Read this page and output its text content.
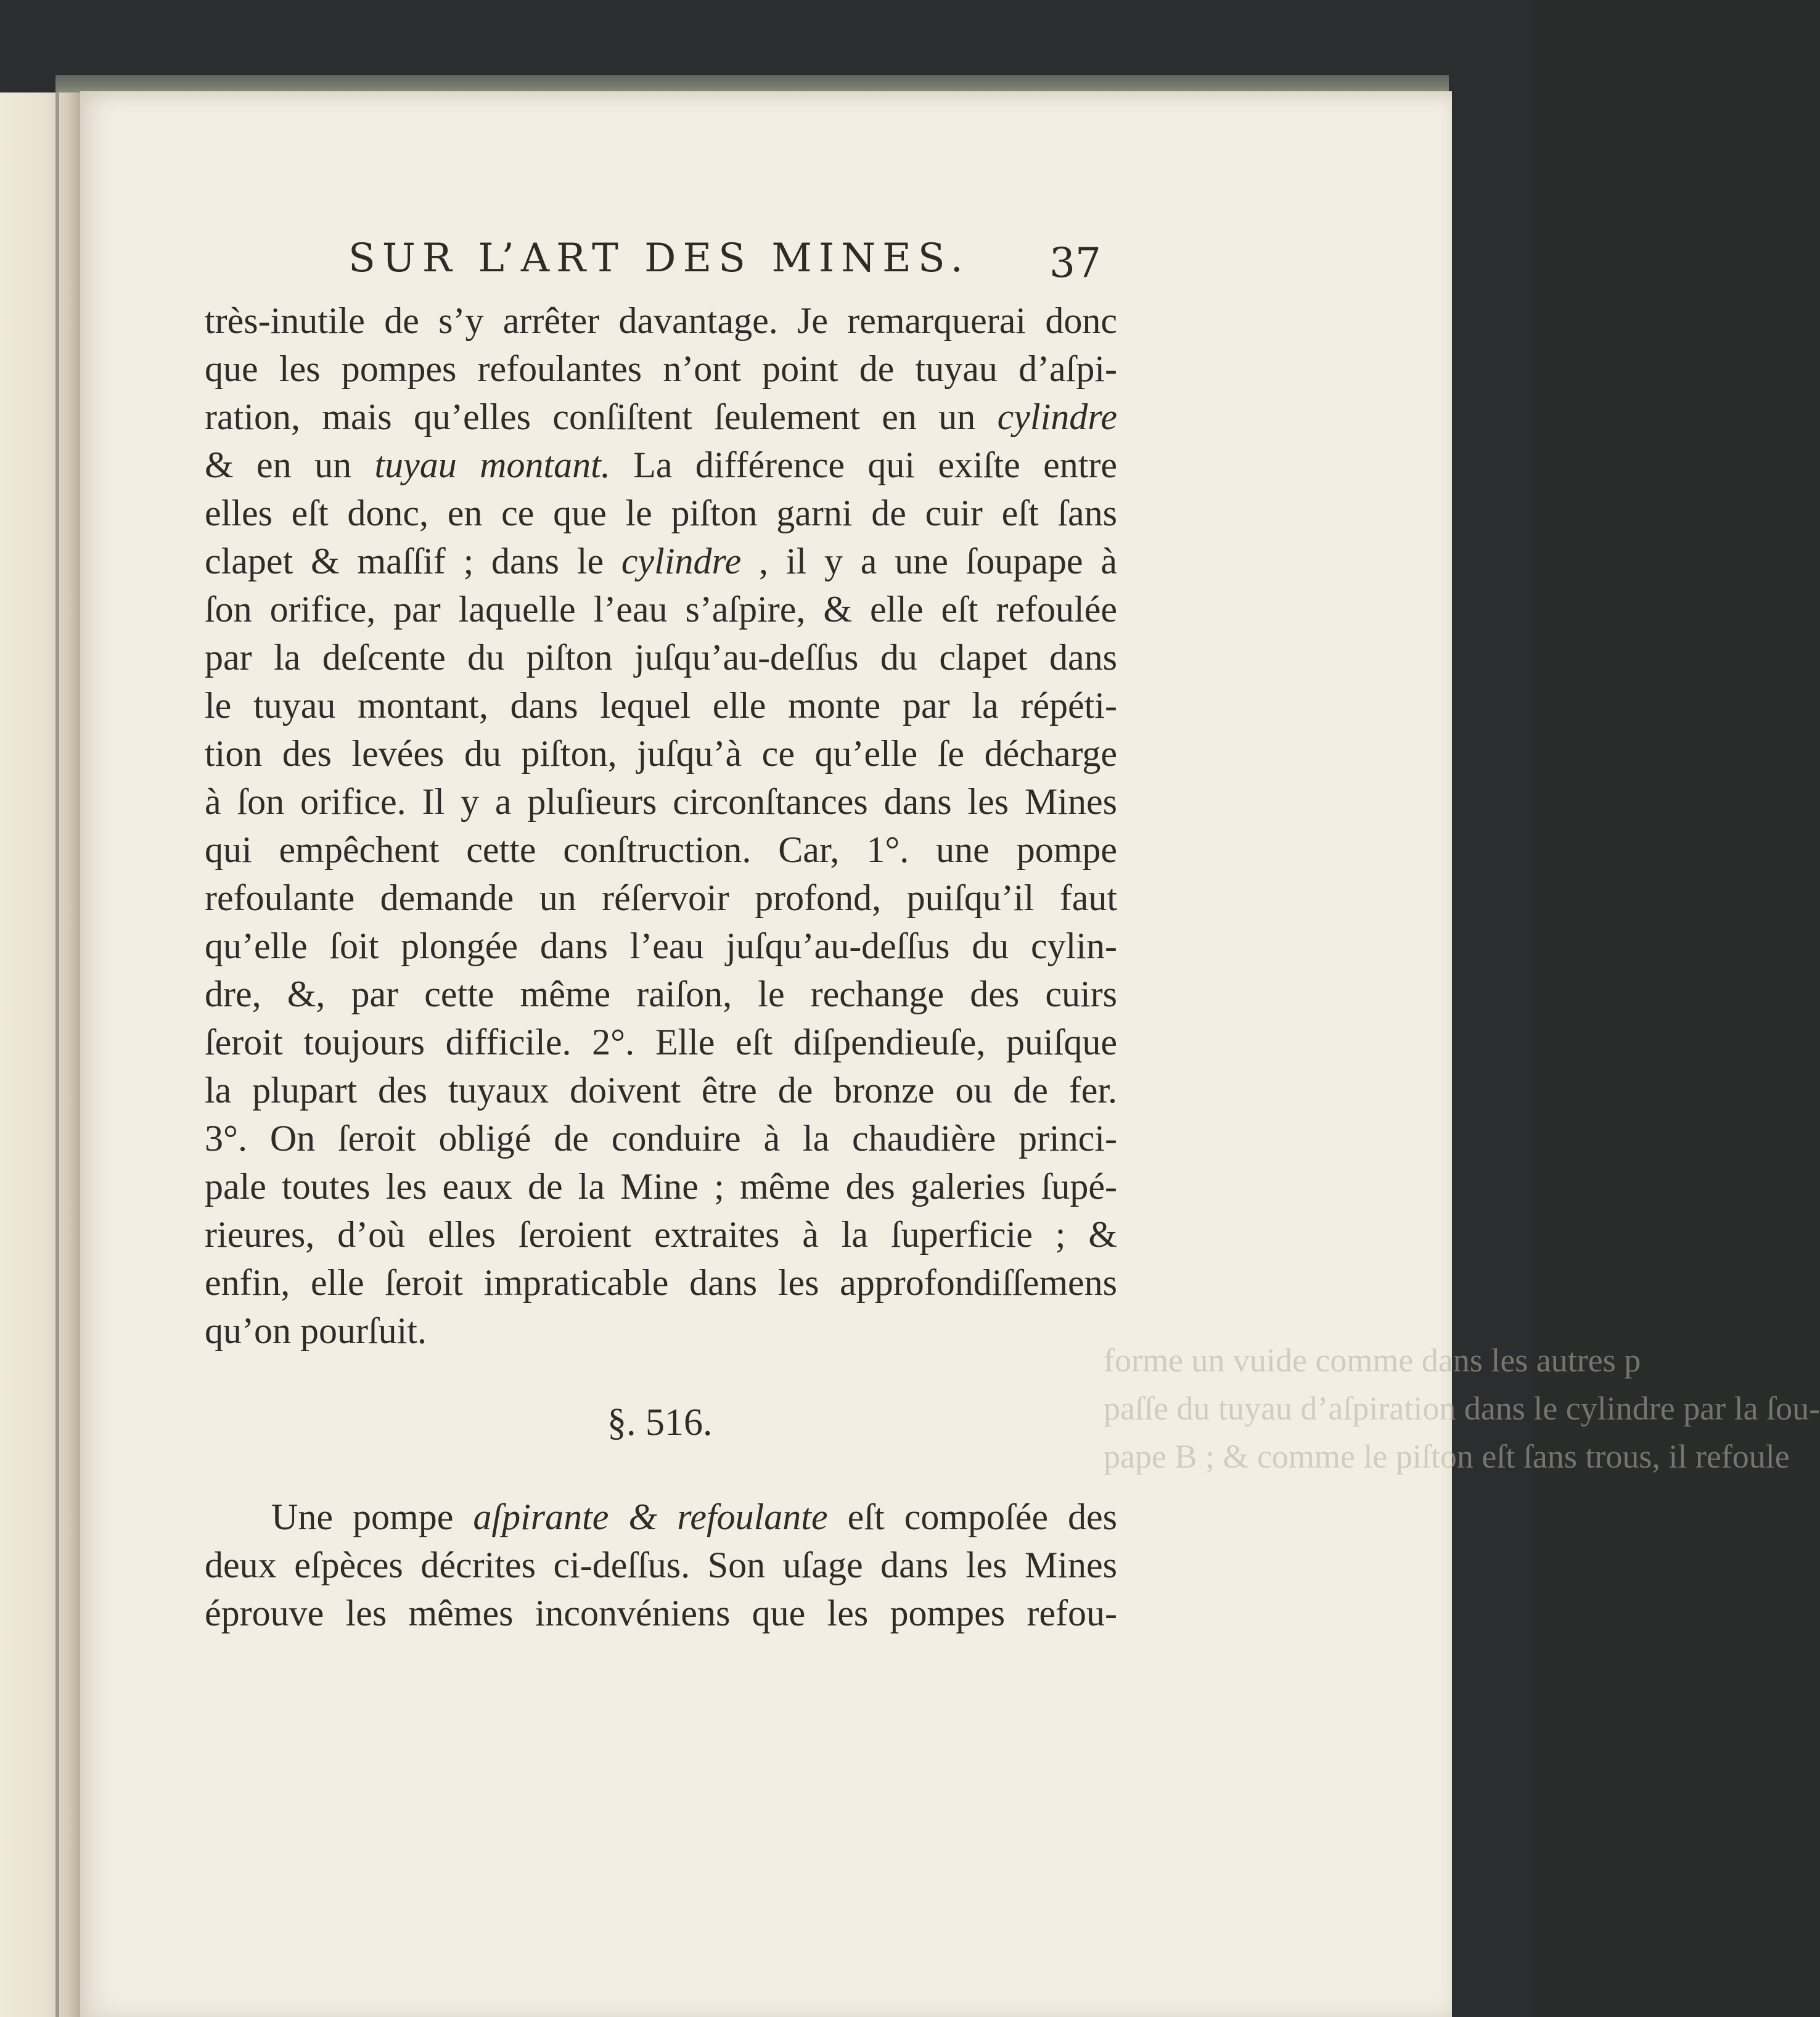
SUR L’ART DES MINES. 37
forme un vuide comme dans les autres p
paſſe du tuyau d’aſpiration dans le cylindre par la ſou-
pape B ; & comme le piſton eſt ſans trous, il refoule
très-inutile de s’y arrêter davantage. Je remarquerai donc
que les pompes refoulantes n’ont point de tuyau d’aſpi-
ration, mais qu’elles conſiſtent ſeulement en un cylindre
& en un tuyau montant. La différence qui exiſte entre
elles eſt donc, en ce que le piſton garni de cuir eſt ſans
clapet & maſſif ; dans le cylindre , il y a une ſoupape à
ſon orifice, par laquelle l’eau s’aſpire, & elle eſt refoulée
par la deſcente du piſton juſqu’au-deſſus du clapet dans
le tuyau montant, dans lequel elle monte par la répéti-
tion des levées du piſton, juſqu’à ce qu’elle ſe décharge
à ſon orifice. Il y a pluſieurs circonſtances dans les Mines
qui empêchent cette conſtruction. Car, 1°. une pompe
refoulante demande un réſervoir profond, puiſqu’il faut
qu’elle ſoit plongée dans l’eau juſqu’au-deſſus du cylin-
dre, &, par cette même raiſon, le rechange des cuirs
ſeroit toujours difficile. 2°. Elle eſt diſpendieuſe, puiſque
la plupart des tuyaux doivent être de bronze ou de fer.
3°. On ſeroit obligé de conduire à la chaudière princi-
pale toutes les eaux de la Mine ; même des galeries ſupé-
rieures, d’où elles ſeroient extraites à la ſuperficie ; &
enfin, elle ſeroit impraticable dans les approfondiſſemens
qu’on pourſuit.
§. 516.
Une pompe aſpirante & refoulante eſt compoſée des
deux eſpèces décrites ci-deſſus. Son uſage dans les Mines
éprouve les mêmes inconvéniens que les pompes refou-
